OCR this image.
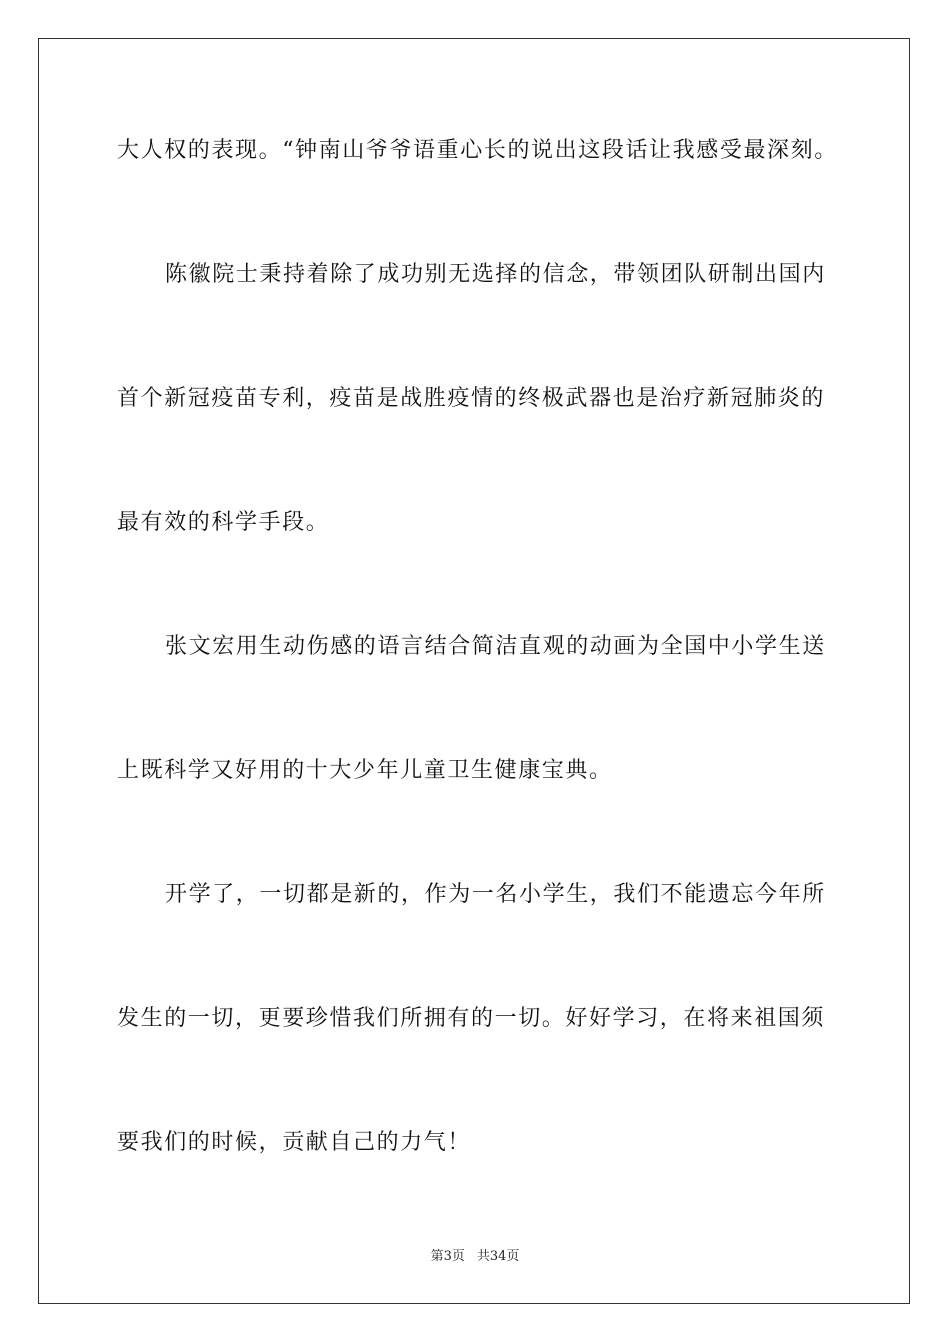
大人权的表现。“钟南山爷爷语重心长的说出这段话让我感受最深刻。
陈徽院士秉持着除了成功别无选择的信念，带领团队研制出国内
首个新冠疫苗专利，疫苗是战胜疫情的终极武器也是治疗新冠肺炎的
最有效的科学手段。
张文宏用生动伤感的语言结合简洁直观的动画为全国中小学生送
上既科学又好用的十大少年儿童卫生健康宝典。
开学了，一切都是新的，作为一名小学生，我们不能遗忘今年所
发生的一切，更要珍惜我们所拥有的一切。好好学习，在将来祖国须
要我们的时候，贡献自己的力气！
第3页 共34页
